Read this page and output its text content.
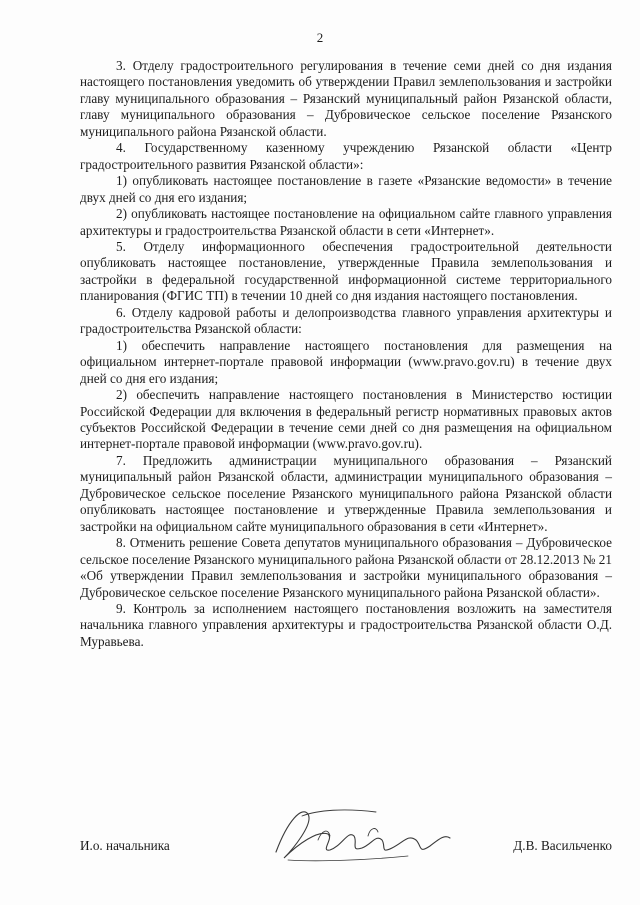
2

3. Отделу градостроительного регулирования в течение семи дней со дня издания настоящего постановления уведомить об утверждении Правил землепользования и застройки главу муниципального образования – Рязанский муниципальный район Рязанской области, главу муниципального образования – Дубровическое сельское поселение Рязанского муниципального района Рязанской области.

4. Государственному казенному учреждению Рязанской области «Центр градостроительного развития Рязанской области»:

1) опубликовать настоящее постановление в газете «Рязанские ведомости» в течение двух дней со дня его издания;

2) опубликовать настоящее постановление на официальном сайте главного управления архитектуры и градостроительства Рязанской области в сети «Интернет».

5. Отделу информационного обеспечения градостроительной деятельности опубликовать настоящее постановление, утвержденные Правила землепользования и застройки в федеральной государственной информационной системе территориального планирования (ФГИС ТП) в течении 10 дней со дня издания настоящего постановления.

6. Отделу кадровой работы и делопроизводства главного управления архитектуры и градостроительства Рязанской области:

1) обеспечить направление настоящего постановления для размещения на официальном интернет-портале правовой информации (www.pravo.gov.ru) в течение двух дней со дня его издания;

2) обеспечить направление настоящего постановления в Министерство юстиции Российской Федерации для включения в федеральный регистр нормативных правовых актов субъектов Российской Федерации в течение семи дней со дня размещения на официальном интернет-портале правовой информации (www.pravo.gov.ru).

7. Предложить администрации муниципального образования – Рязанский муниципальный район Рязанской области, администрации муниципального образования – Дубровическое сельское поселение Рязанского муниципального района Рязанской области опубликовать настоящее постановление и утвержденные Правила землепользования и застройки на официальном сайте муниципального образования в сети «Интернет».

8. Отменить решение Совета депутатов муниципального образования – Дубровическое сельское поселение Рязанского муниципального района Рязанской области от 28.12.2013 № 21 «Об утверждении Правил землепользования и застройки муниципального образования – Дубровическое сельское поселение Рязанского муниципального района Рязанской области».

9. Контроль за исполнением настоящего постановления возложить на заместителя начальника главного управления архитектуры и градостроительства Рязанской области О.Д. Муравьева.

И.о. начальника	Д.В. Васильченко
